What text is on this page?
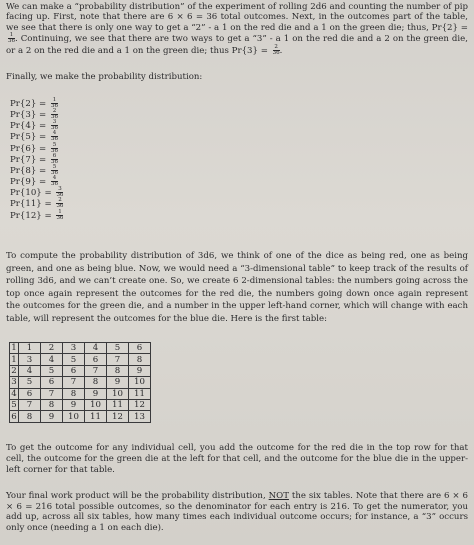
We can make a “probability distribution” of the experiment of rolling 2d6 and counting the number of pip facing up. First, note that there are 6 × 6 = 36 total outcomes. Next, in the outcomes part of the table, we see that there is only one way to get a “2” - a 1 on the red die and a 1 on the green die; thus, Pr{2} =
$\frac{1}{36}$ . Continuing, we see that there are two ways to get a “3” - a 1 on the red die and a 2 on the green die, or a 2 on the red die and a 1 on the green die; thus $Pr\{3\} = \frac{2}{36}$ .

Finally, we make the probability distribution:

$Pr\{2\} = \frac{1}{36}$
$Pr\{3\} = \frac{2}{36}$
$Pr\{4\} = \frac{3}{36}$
$Pr\{5\} = \frac{4}{36}$
$Pr\{6\} = \frac{5}{36}$
$Pr\{7\} = \frac{6}{36}$
$Pr\{8\} = \frac{5}{36}$
$Pr\{9\} = \frac{4}{36}$
$Pr\{10\} = \frac{3}{36}$
$Pr\{11\} = \frac{2}{36}$
$Pr\{12\} = \frac{1}{36}$

To compute the probability distribution of 3d6, we think of one of the dice as being red, one as being green, and one as being blue. Now, we would need a “3-dimensional table” to keep track of the results of rolling 3d6, and we can’t create one. So, we create 6 2-dimensional tables: the numbers going across the top once again represent the outcomes for the red die, the numbers going down once again represent the outcomes for the green die, and a number in the upper left-hand corner, which will change with each table, will represent the outcomes for the blue die. Here is the first table:

1	1	2	3	4	5	6
1	3	4	5	6	7	8
2	4	5	6	7	8	9
3	5	6	7	8	9	10
4	6	7	8	9	10	11
5	7	8	9	10	11	12
6	8	9	10	11	12	13

To get the outcome for any individual cell, you add the outcome for the red die in the top row for that cell, the outcome for the green die at the left for that cell, and the outcome for the blue die in the upper-left corner for that table.

Your final work product will be the probability distribution, NOT the six tables. Note that there are 6 × 6 × 6 = 216 total possible outcomes, so the denominator for each entry is 216. To get the numerator, you add up, across all six tables, how many times each individual outcome occurs; for instance, a “3” occurs only once (needing a 1 on each die).
